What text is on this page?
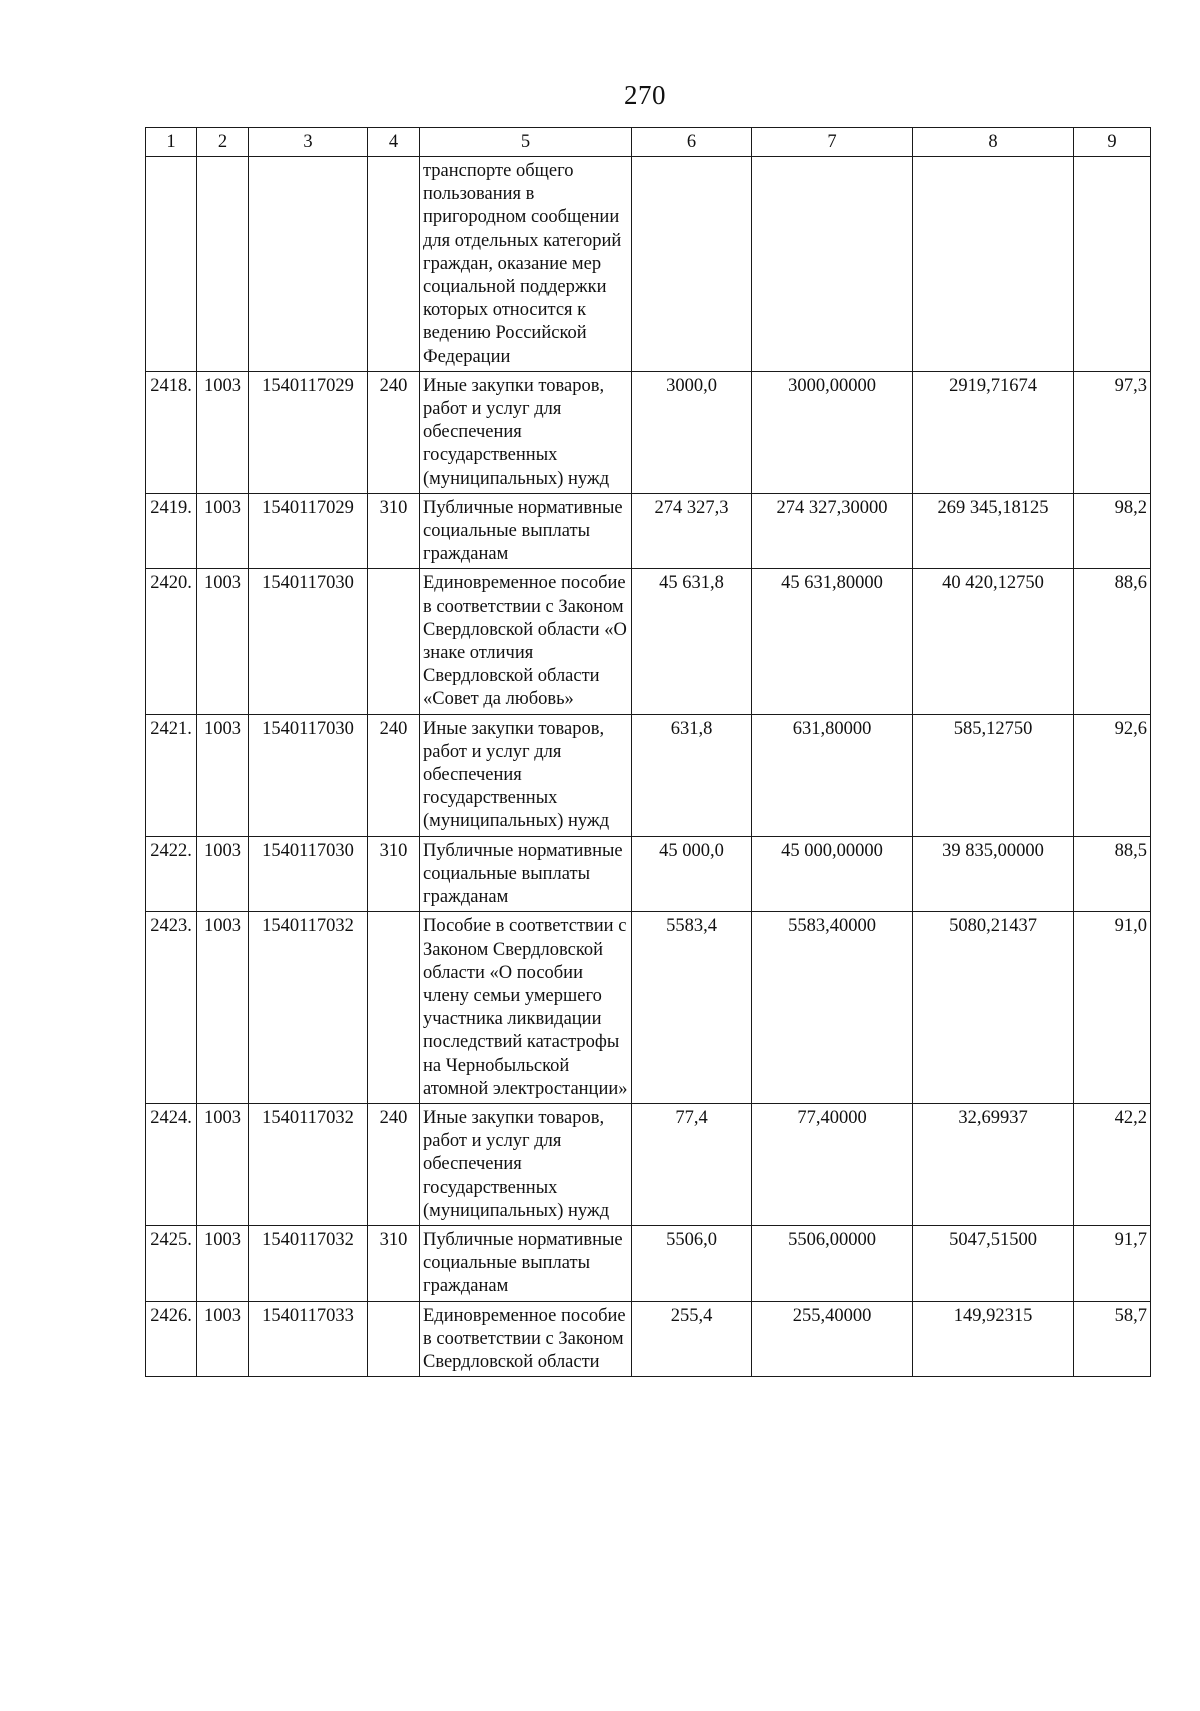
270
1	2	3	4	5	6	7	8	9
				транспорте общего пользования в пригородном сообщении для отдельных категорий граждан, оказание мер социальной поддержки которых относится к ведению Российской Федерации				
2418.	1003	1540117029	240	Иные закупки товаров, работ и услуг для обеспечения государственных (муниципальных) нужд	3000,0	3000,00000	2919,71674	97,3
2419.	1003	1540117029	310	Публичные нормативные социальные выплаты гражданам	274 327,3	274 327,30000	269 345,18125	98,2
2420.	1003	1540117030		Единовременное пособие в соответствии с Законом Свердловской области «О знаке отличия Свердловской области «Совет да любовь»	45 631,8	45 631,80000	40 420,12750	88,6
2421.	1003	1540117030	240	Иные закупки товаров, работ и услуг для обеспечения государственных (муниципальных) нужд	631,8	631,80000	585,12750	92,6
2422.	1003	1540117030	310	Публичные нормативные социальные выплаты гражданам	45 000,0	45 000,00000	39 835,00000	88,5
2423.	1003	1540117032		Пособие в соответствии с Законом Свердловской области «О пособии члену семьи умершего участника ликвидации последствий катастрофы на Чернобыльской атомной электростанции»	5583,4	5583,40000	5080,21437	91,0
2424.	1003	1540117032	240	Иные закупки товаров, работ и услуг для обеспечения государственных (муниципальных) нужд	77,4	77,40000	32,69937	42,2
2425.	1003	1540117032	310	Публичные нормативные социальные выплаты гражданам	5506,0	5506,00000	5047,51500	91,7
2426.	1003	1540117033		Единовременное пособие в соответствии с Законом Свердловской области	255,4	255,40000	149,92315	58,7
